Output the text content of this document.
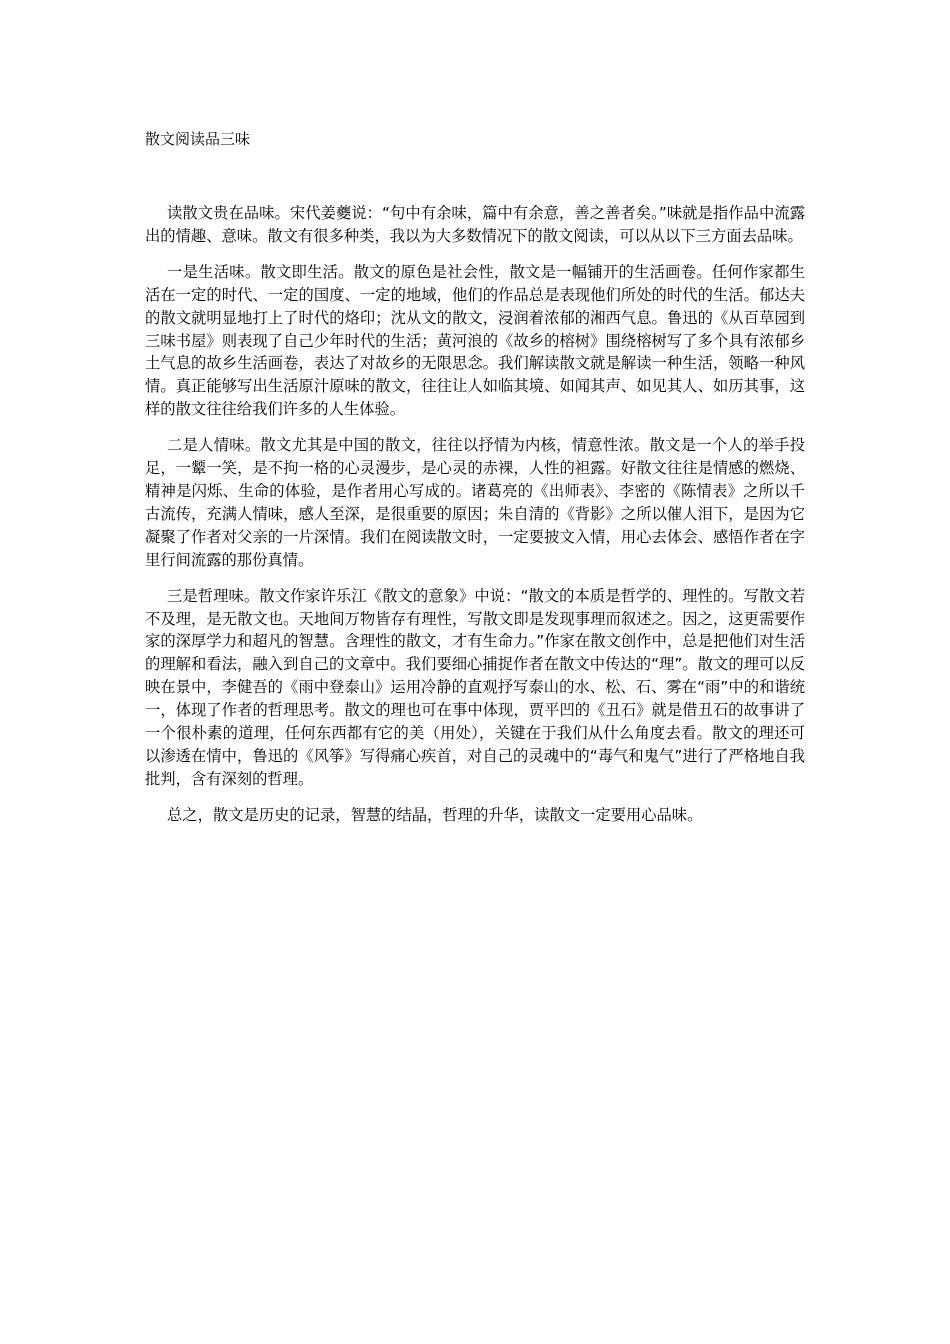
散文阅读品三味

读散文贵在品味。宋代姜夔说：“句中有余味，篇中有余意，善之善者矣。”味就是指作品中流露出的情趣、意味。散文有很多种类，我以为大多数情况下的散文阅读，可以从以下三方面去品味。

一是生活味。散文即生活。散文的原色是社会性，散文是一幅铺开的生活画卷。任何作家都生活在一定的时代、一定的国度、一定的地域，他们的作品总是表现他们所处的时代的生活。郁达夫的散文就明显地打上了时代的烙印；沈从文的散文，浸润着浓郁的湘西气息。鲁迅的《从百草园到三味书屋》则表现了自己少年时代的生活；黄河浪的《故乡的榕树》围绕榕树写了多个具有浓郁乡土气息的故乡生活画卷，表达了对故乡的无限思念。我们解读散文就是解读一种生活，领略一种风情。真正能够写出生活原汁原味的散文，往往让人如临其境、如闻其声、如见其人、如历其事，这样的散文往往给我们许多的人生体验。

二是人情味。散文尤其是中国的散文，往往以抒情为内核，情意性浓。散文是一个人的举手投足，一颦一笑，是不拘一格的心灵漫步，是心灵的赤裸，人性的袒露。好散文往往是情感的燃烧、精神是闪烁、生命的体验，是作者用心写成的。诸葛亮的《出师表》、李密的《陈情表》之所以千古流传，充满人情味，感人至深，是很重要的原因；朱自清的《背影》之所以催人泪下，是因为它凝聚了作者对父亲的一片深情。我们在阅读散文时，一定要披文入情，用心去体会、感悟作者在字里行间流露的那份真情。

三是哲理味。散文作家许乐江《散文的意象》中说：“散文的本质是哲学的、理性的。写散文若不及理，是无散文也。天地间万物皆存有理性，写散文即是发现事理而叙述之。因之，这更需要作家的深厚学力和超凡的智慧。含理性的散文，才有生命力。”作家在散文创作中，总是把他们对生活的理解和看法，融入到自己的文章中。我们要细心捕捉作者在散文中传达的“理”。散文的理可以反映在景中，李健吾的《雨中登泰山》运用冷静的直观抒写泰山的水、松、石、雾在“雨”中的和谐统一，体现了作者的哲理思考。散文的理也可在事中体现，贾平凹的《丑石》就是借丑石的故事讲了一个很朴素的道理，任何东西都有它的美（用处），关键在于我们从什么角度去看。散文的理还可以渗透在情中，鲁迅的《风筝》写得痛心疾首，对自己的灵魂中的“毒气和鬼气”进行了严格地自我批判，含有深刻的哲理。

总之，散文是历史的记录，智慧的结晶，哲理的升华，读散文一定要用心品味。
